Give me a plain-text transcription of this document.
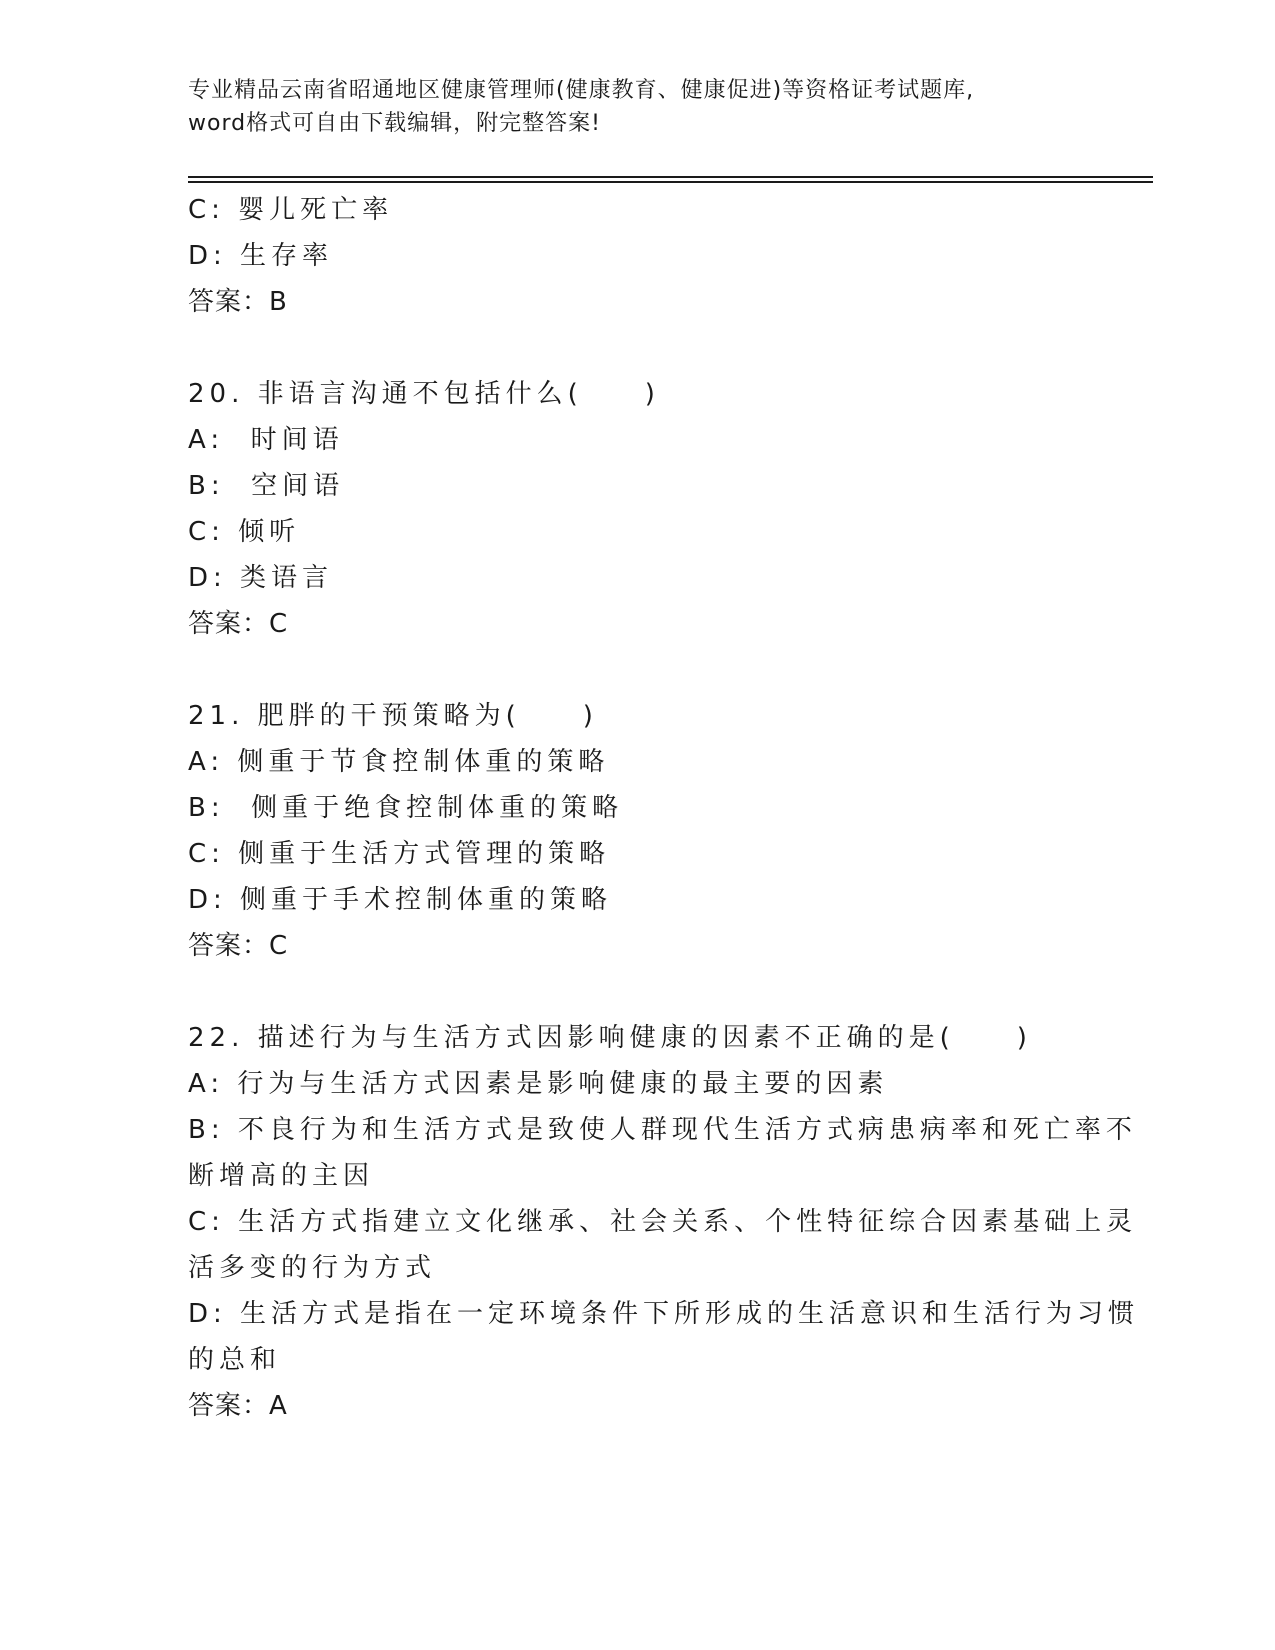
专业精品云南省昭通地区健康管理师(健康教育、健康促进)等资格证考试题库,
word格式可自由下载编辑，附完整答案!
C: 婴儿死亡率
D: 生存率
答案：B
20. 非语言沟通不包括什么(　　)
A:  时间语
B:  空间语
C: 倾听
D: 类语言
答案：C
21. 肥胖的干预策略为(　　)
A: 侧重于节食控制体重的策略
B:  侧重于绝食控制体重的策略
C: 侧重于生活方式管理的策略
D: 侧重于手术控制体重的策略
答案：C
22. 描述行为与生活方式因影响健康的因素不正确的是(　　)
A: 行为与生活方式因素是影响健康的最主要的因素
B: 不良行为和生活方式是致使人群现代生活方式病患病率和死亡率不
断增高的主因
C: 生活方式指建立文化继承、社会关系、个性特征综合因素基础上灵
活多变的行为方式
D: 生活方式是指在一定环境条件下所形成的生活意识和生活行为习惯
的总和
答案：A
